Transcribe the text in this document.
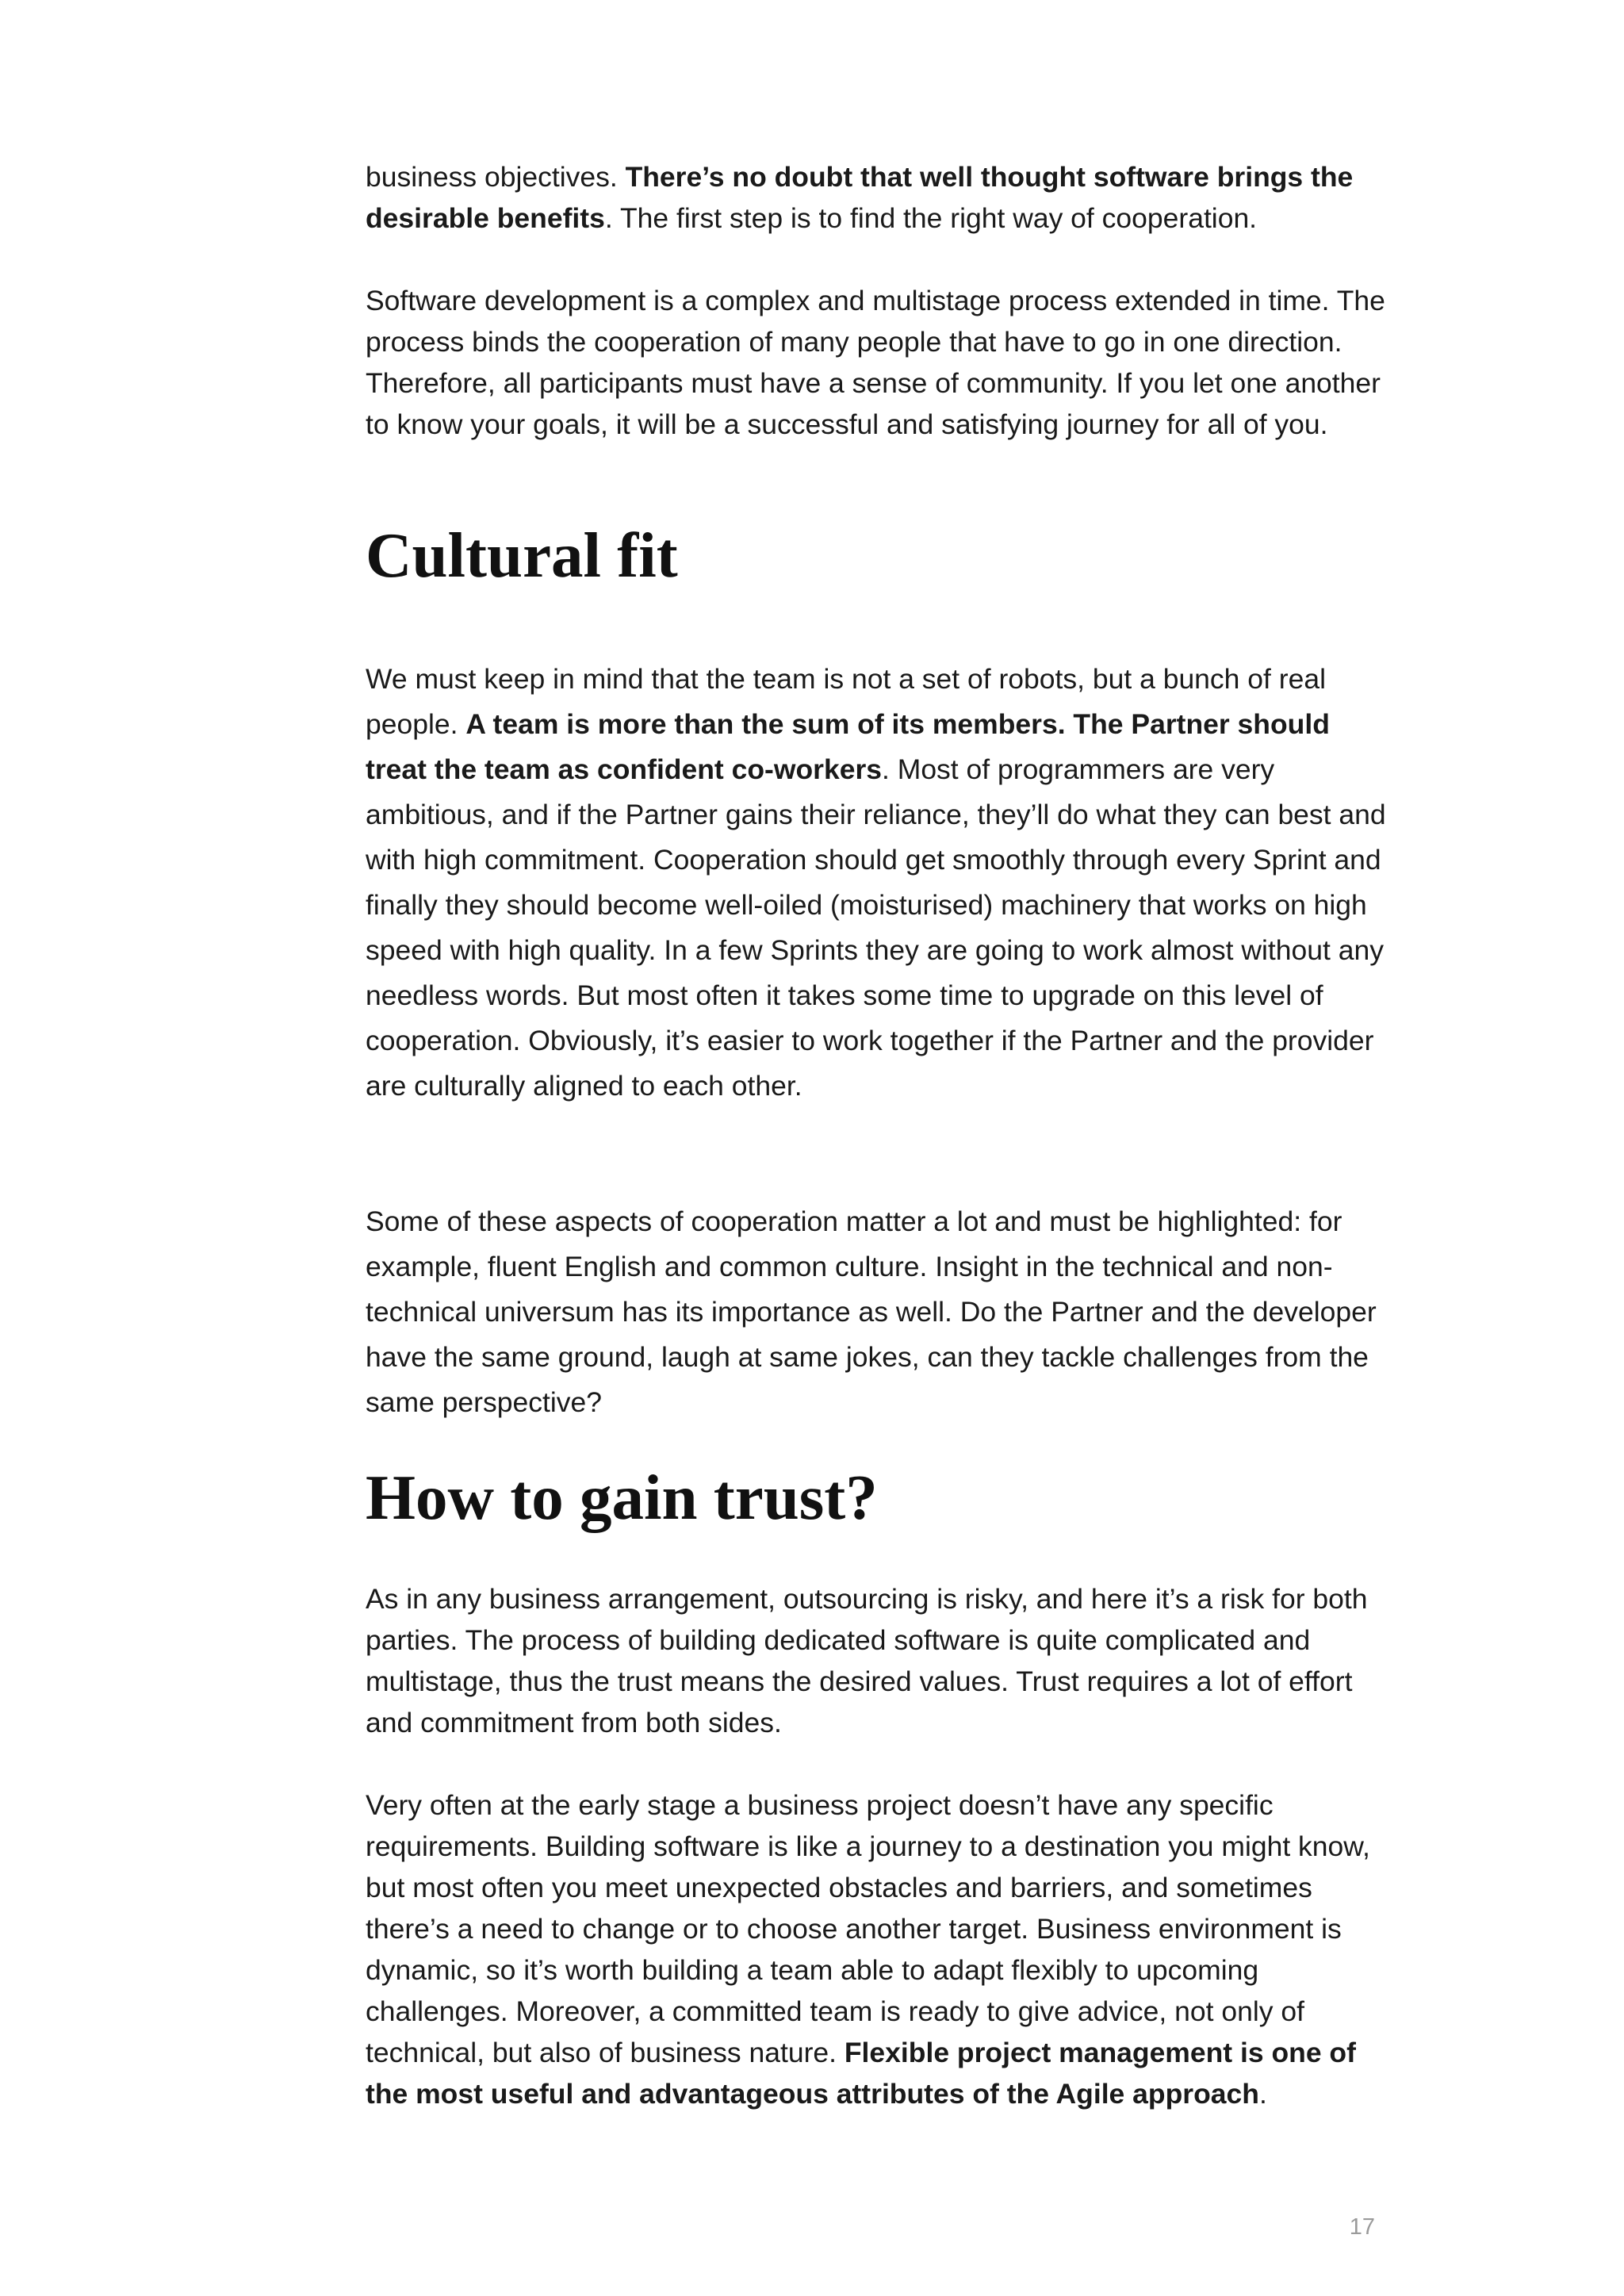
business objectives. There’s no doubt that well thought software brings the desirable benefits. The first step is to find the right way of cooperation.

Software development is a complex and multistage process extended in time. The process binds the cooperation of many people that have to go in one direction. Therefore, all participants must have a sense of community. If you let one another to know your goals, it will be a successful and satisfying journey for all of you.

Cultural fit

We must keep in mind that the team is not a set of robots, but a bunch of real people. A team is more than the sum of its members. The Partner should treat the team as confident co-workers. Most of programmers are very ambitious, and if the Partner gains their reliance, they’ll do what they can best and with high commitment. Cooperation should get smoothly through every Sprint and finally they should become well-oiled (moisturised) machinery that works on high speed with high quality. In a few Sprints they are going to work almost without any needless words. But most often it takes some time to upgrade on this level of cooperation. Obviously, it’s easier to work together if the Partner and the provider are culturally aligned to each other.

Some of these aspects of cooperation matter a lot and must be highlighted: for example, fluent English and common culture. Insight in the technical and non-technical universum has its importance as well. Do the Partner and the developer have the same ground, laugh at same jokes, can they tackle challenges from the same perspective?

How to gain trust?

As in any business arrangement, outsourcing is risky, and here it’s a risk for both parties. The process of building dedicated software is quite complicated and multistage, thus the trust means the desired values. Trust requires a lot of effort and commitment from both sides.

Very often at the early stage a business project doesn’t have any specific requirements. Building software is like a journey to a destination you might know, but most often you meet unexpected obstacles and barriers, and sometimes there’s a need to change or to choose another target. Business environment is dynamic, so it’s worth building a team able to adapt flexibly to upcoming challenges. Moreover, a committed team is ready to give advice, not only of technical, but also of business nature. Flexible project management is one of the most useful and advantageous attributes of the Agile approach.

17
